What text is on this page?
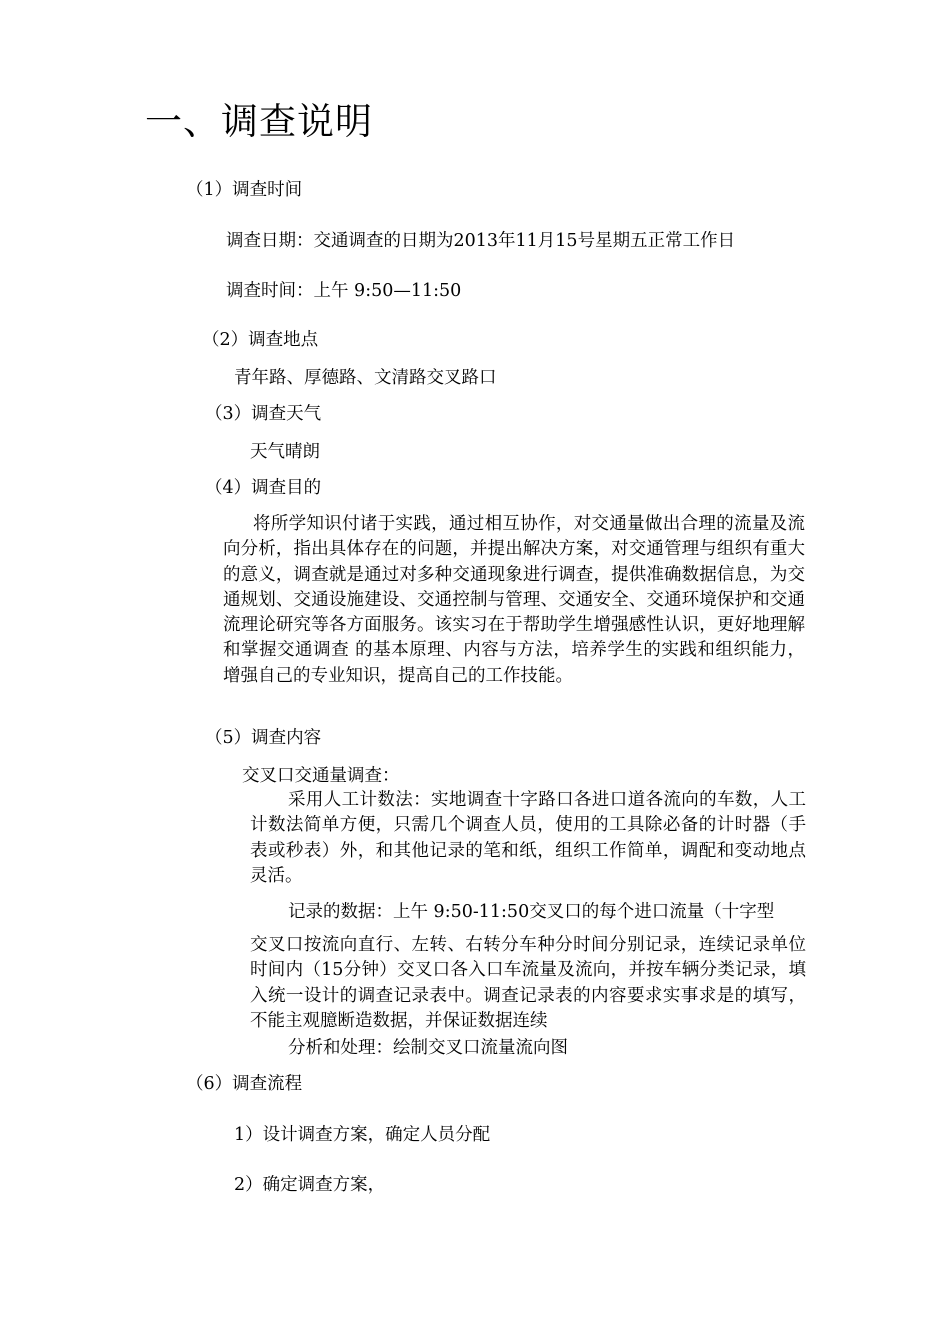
一、调查说明
（1）调查时间
调查日期：交通调查的日期为2013年11月15号星期五正常工作日
调查时间：上午 9:50—11:50
（2）调查地点
青年路、厚德路、文清路交叉路口
（3）调查天气
天气晴朗
（4）调查目的
将所学知识付诸于实践，通过相互协作，对交通量做出合理的流量及流向分析，指出具体存在的问题，并提出解决方案，对交通管理与组织有重大的意义，调查就是通过对多种交通现象进行调查，提供准确数据信息，为交通规划、交通设施建设、交通控制与管理、交通安全、交通环境保护和交通流理论研究等各方面服务。该实习在于帮助学生增强感性认识，更好地理解和掌握交通调查 的基本原理、内容与方法，培养学生的实践和组织能力，增强自己的专业知识，提高自己的工作技能。
（5）调查内容
交叉口交通量调查：
采用人工计数法：实地调查十字路口各进口道各流向的车数，人工计数法简单方便，只需几个调查人员，使用的工具除必备的计时器（手表或秒表）外，和其他记录的笔和纸，组织工作简单，调配和变动地点灵活。
记录的数据：上午 9:50-11:50交叉口的每个进口流量（十字型
交叉口按流向直行、左转、右转分车种分时间分别记录，连续记录单位时间内（15分钟）交叉口各入口车流量及流向，并按车辆分类记录，填入统一设计的调查记录表中。调查记录表的内容要求实事求是的填写，不能主观臆断造数据，并保证数据连续
分析和处理：绘制交叉口流量流向图
（6）调查流程
1）设计调查方案，确定人员分配
2）确定调查方案，
